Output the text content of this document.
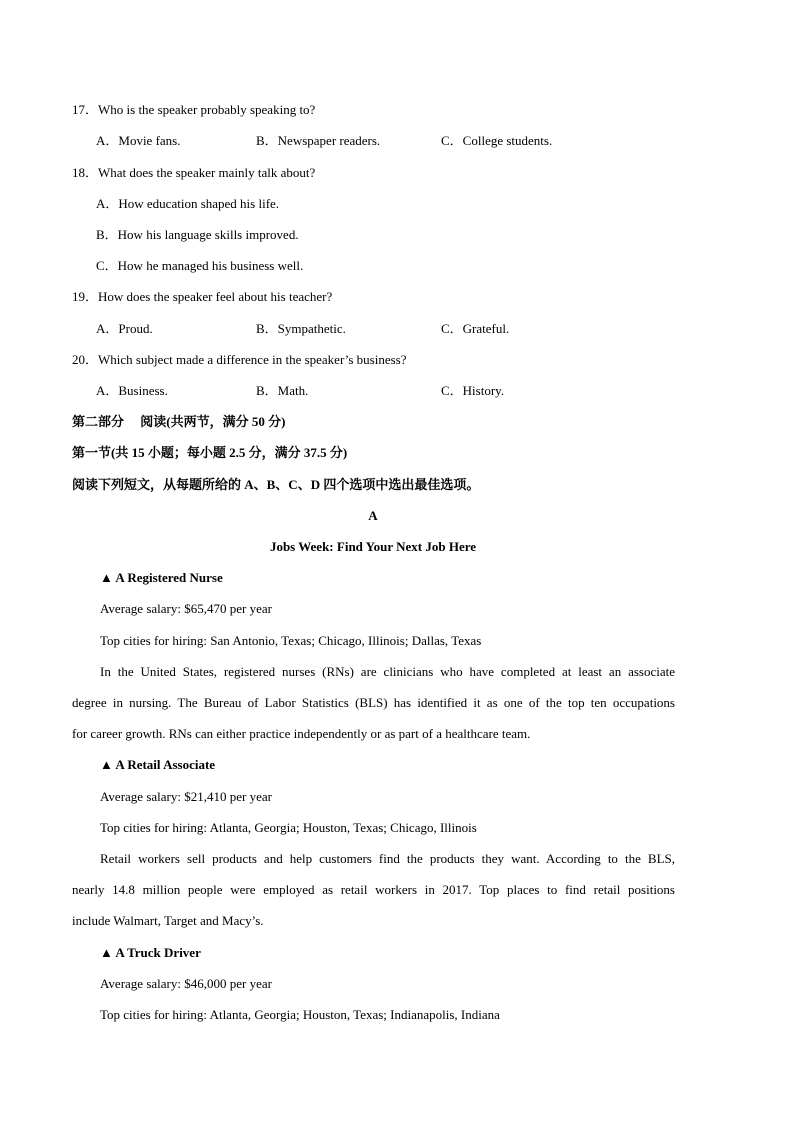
17．Who is the speaker probably speaking to?
A．Movie fans.	B．Newspaper readers.	C．College students.
18．What does the speaker mainly talk about?
A．How education shaped his life.
B．How his language skills improved.
C．How he managed his business well.
19．How does the speaker feel about his teacher?
A．Proud.	B．Sympathetic.	C．Grateful.
20．Which subject made a difference in the speaker’s business?
A．Business.	B．Math.	C．History.
第二部分　 阅读(共两节，满分 50 分)
第一节(共 15 小题；每小题 2.5 分，满分 37.5 分)
阅读下列短文，从每题所给的 A、B、C、D 四个选项中选出最佳选项。
A
Jobs Week: Find Your Next Job Here
▲ A Registered Nurse
Average salary: $65,470 per year
Top cities for hiring: San Antonio, Texas; Chicago, Illinois; Dallas, Texas
In the United States, registered nurses (RNs) are clinicians who have completed at least an associate
degree in nursing. The Bureau of Labor Statistics (BLS) has identified it as one of the top ten occupations
for career growth. RNs can either practice independently or as part of a healthcare team.
▲ A Retail Associate
Average salary: $21,410 per year
Top cities for hiring: Atlanta, Georgia; Houston, Texas; Chicago, Illinois
Retail workers sell products and help customers find the products they want. According to the BLS,
nearly 14.8 million people were employed as retail workers in 2017. Top places to find retail positions
include Walmart, Target and Macy’s.
▲ A Truck Driver
Average salary: $46,000 per year
Top cities for hiring: Atlanta, Georgia; Houston, Texas; Indianapolis, Indiana
